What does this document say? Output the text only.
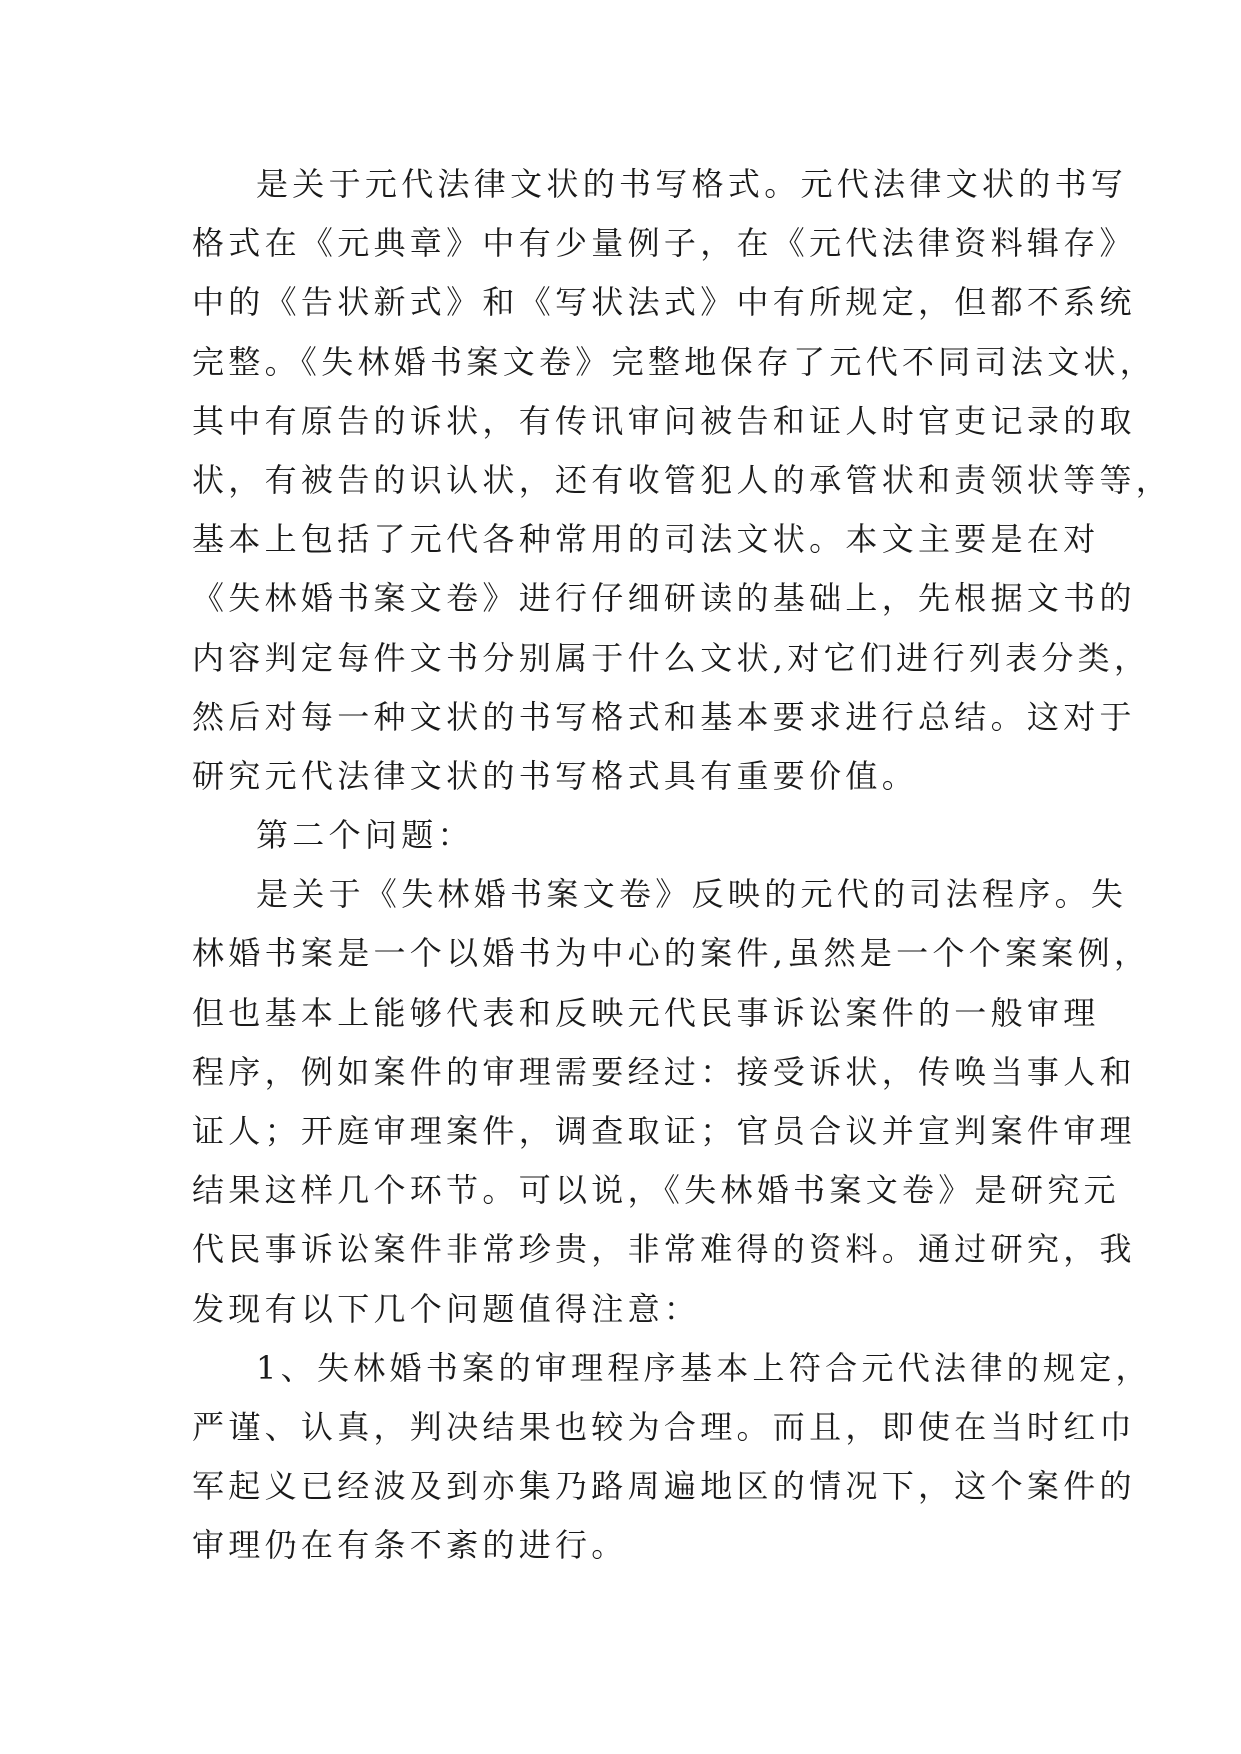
是关于元代法律文状的书写格式。元代法律文状的书写
格式在《元典章》中有少量例子，在《元代法律资料辑存》
中的《告状新式》和《写状法式》中有所规定，但都不系统
完整。《失林婚书案文卷》完整地保存了元代不同司法文状，
其中有原告的诉状，有传讯审问被告和证人时官吏记录的取
状，有被告的识认状，还有收管犯人的承管状和责领状等等，
基本上包括了元代各种常用的司法文状。本文主要是在对
《失林婚书案文卷》进行仔细研读的基础上，先根据文书的
内容判定每件文书分别属于什么文状,对它们进行列表分类，
然后对每一种文状的书写格式和基本要求进行总结。这对于
研究元代法律文状的书写格式具有重要价值。
第二个问题：
是关于《失林婚书案文卷》反映的元代的司法程序。失
林婚书案是一个以婚书为中心的案件,虽然是一个个案案例，
但也基本上能够代表和反映元代民事诉讼案件的一般审理
程序，例如案件的审理需要经过：接受诉状，传唤当事人和
证人；开庭审理案件，调查取证；官员合议并宣判案件审理
结果这样几个环节。可以说，《失林婚书案文卷》是研究元
代民事诉讼案件非常珍贵，非常难得的资料。通过研究，我
发现有以下几个问题值得注意：
1、失林婚书案的审理程序基本上符合元代法律的规定，
严谨、认真，判决结果也较为合理。而且，即使在当时红巾
军起义已经波及到亦集乃路周遍地区的情况下，这个案件的
审理仍在有条不紊的进行。
